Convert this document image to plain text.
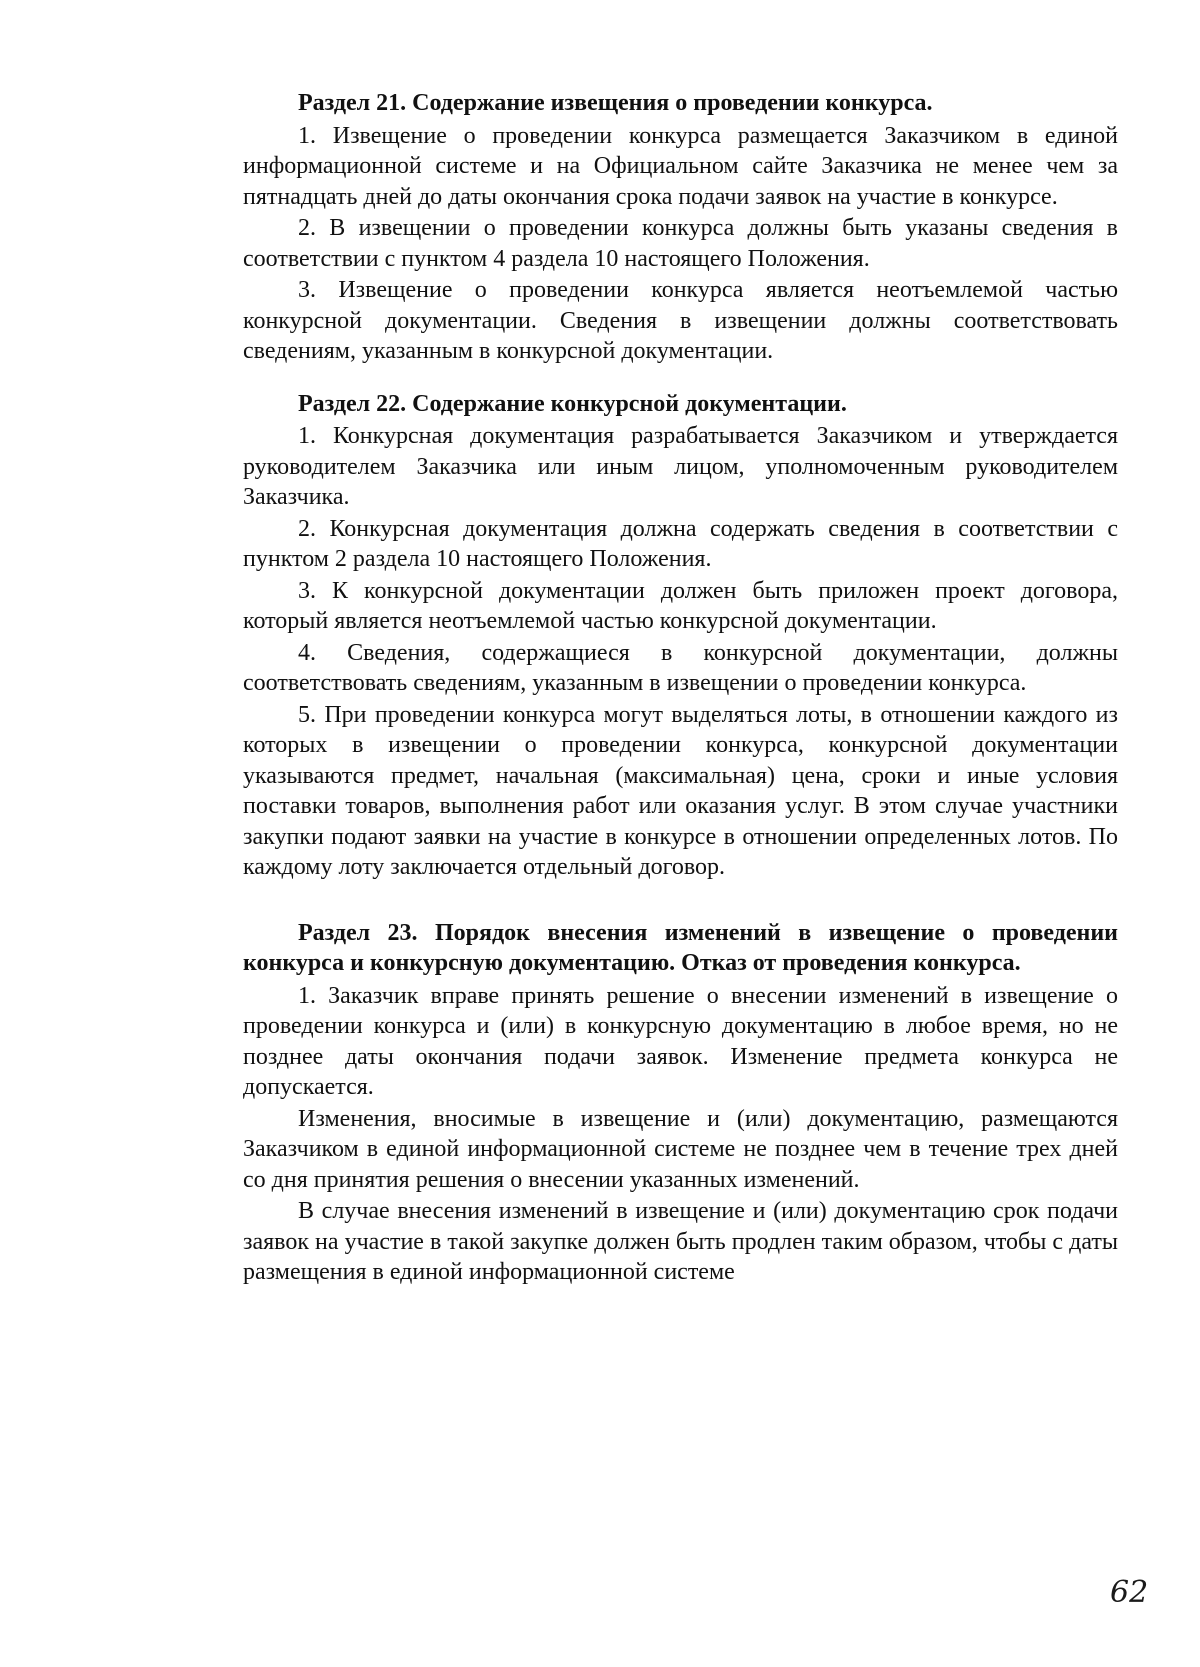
Раздел 21. Содержание извещения о проведении конкурса.

1. Извещение о проведении конкурса размещается Заказчиком в единой информационной системе и на Официальном сайте Заказчика не менее чем за пятнадцать дней до даты окончания срока подачи заявок на участие в конкурсе.

2. В извещении о проведении конкурса должны быть указаны сведения в соответствии с пунктом 4 раздела 10 настоящего Положения.

3. Извещение о проведении конкурса является неотъемлемой частью конкурсной документации. Сведения в извещении должны соответствовать сведениям, указанным в конкурсной документации.

Раздел 22. Содержание конкурсной документации.

1. Конкурсная документация разрабатывается Заказчиком и утверждается руководителем Заказчика или иным лицом, уполномоченным руководителем Заказчика.

2. Конкурсная документация должна содержать сведения в соответствии с пунктом 2 раздела 10 настоящего Положения.

3. К конкурсной документации должен быть приложен проект договора, который является неотъемлемой частью конкурсной документации.

4. Сведения, содержащиеся в конкурсной документации, должны соответствовать сведениям, указанным в извещении о проведении конкурса.

5. При проведении конкурса могут выделяться лоты, в отношении каждого из которых в извещении о проведении конкурса, конкурсной документации указываются предмет, начальная (максимальная) цена, сроки и иные условия поставки товаров, выполнения работ или оказания услуг. В этом случае участники закупки подают заявки на участие в конкурсе в отношении определенных лотов. По каждому лоту заключается отдельный договор.

Раздел 23. Порядок внесения изменений в извещение о проведении конкурса и конкурсную документацию. Отказ от проведения конкурса.

1. Заказчик вправе принять решение о внесении изменений в извещение о проведении конкурса и (или) в конкурсную документацию в любое время, но не позднее даты окончания подачи заявок. Изменение предмета конкурса не допускается.

Изменения, вносимые в извещение и (или) документацию, размещаются Заказчиком в единой информационной системе не позднее чем в течение трех дней со дня принятия решения о внесении указанных изменений.

В случае внесения изменений в извещение и (или) документацию срок подачи заявок на участие в такой закупке должен быть продлен таким образом, чтобы с даты размещения в единой информационной системе

62
